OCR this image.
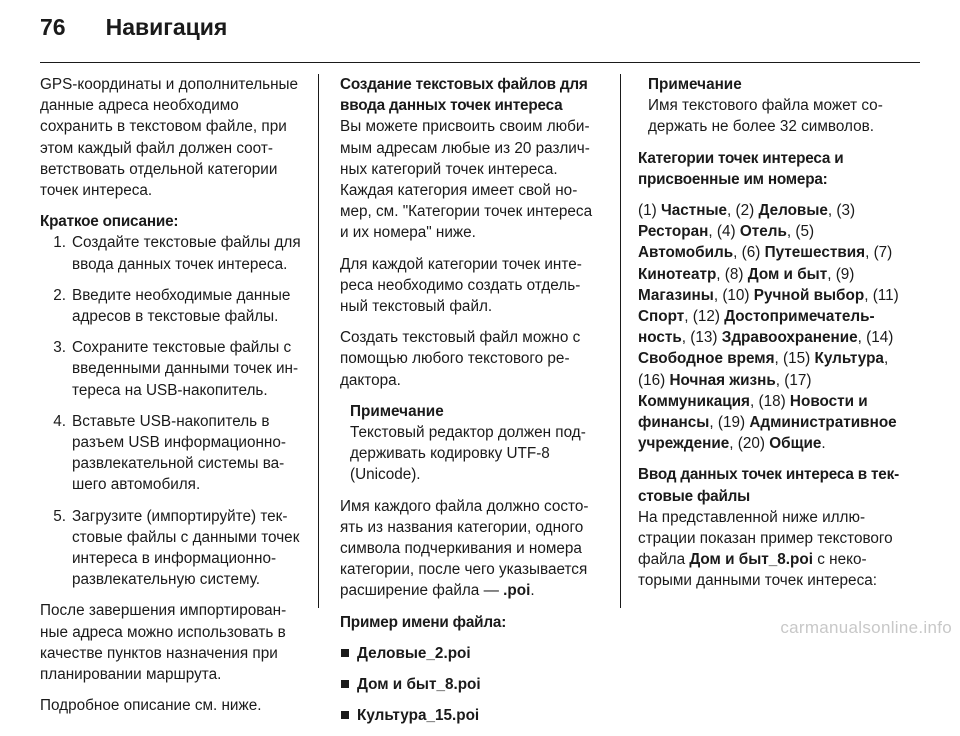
76 Навигация

GPS-координаты и дополнительные данные адреса необходимо сохранить в текстовом файле, при этом каждый файл должен соответствовать отдельной категории точек интереса.

Краткое описание:
1. Создайте текстовые файлы для ввода данных точек интереса.
2. Введите необходимые данные адресов в текстовые файлы.
3. Сохраните текстовые файлы с введенными данными точек интереса на USB-накопитель.
4. Вставьте USB-накопитель в разъем USB информационно-развлекательной системы вашего автомобиля.
5. Загрузите (импортируйте) текстовые файлы с данными точек интереса в информационно-развлекательную систему.

После завершения импортированные адреса можно использовать в качестве пунктов назначения при планировании маршрута.

Подробное описание см. ниже.

Создание текстовых файлов для ввода данных точек интереса

Вы можете присвоить своим любимым адресам любые из 20 различных категорий точек интереса. Каждая категория имеет свой номер, см. "Категории точек интереса и их номера" ниже.

Для каждой категории точек интереса необходимо создать отдельный текстовый файл.

Создать текстовый файл можно с помощью любого текстового редактора.

Примечание
Текстовый редактор должен поддерживать кодировку UTF-8 (Unicode).

Имя каждого файла должно состоять из названия категории, одного символа подчеркивания и номера категории, после чего указывается расширение файла — .poi.

Пример имени файла:
Деловые_2.poi
Дом и быт_8.poi
Культура_15.poi
Примечание
Имя текстового файла может содержать не более 32 символов.
Категории точек интереса и присвоенные им номера:

(1) Частные, (2) Деловые, (3) Ресторан, (4) Отель, (5) Автомобиль, (6) Путешествия, (7) Кинотеатр, (8) Дом и быт, (9) Магазины, (10) Ручной выбор, (11) Спорт, (12) Достопримечательность, (13) Здравоохранение, (14) Свободное время, (15) Культура, (16) Ночная жизнь, (17) Коммуникация, (18) Новости и финансы, (19) Административное учреждение, (20) Общие.

Ввод данных точек интереса в текстовые файлы

На представленной ниже иллюстрации показан пример текстового файла Дом и быт_8.poi с некоторыми данными точек интереса:

carmanualsonline.info
